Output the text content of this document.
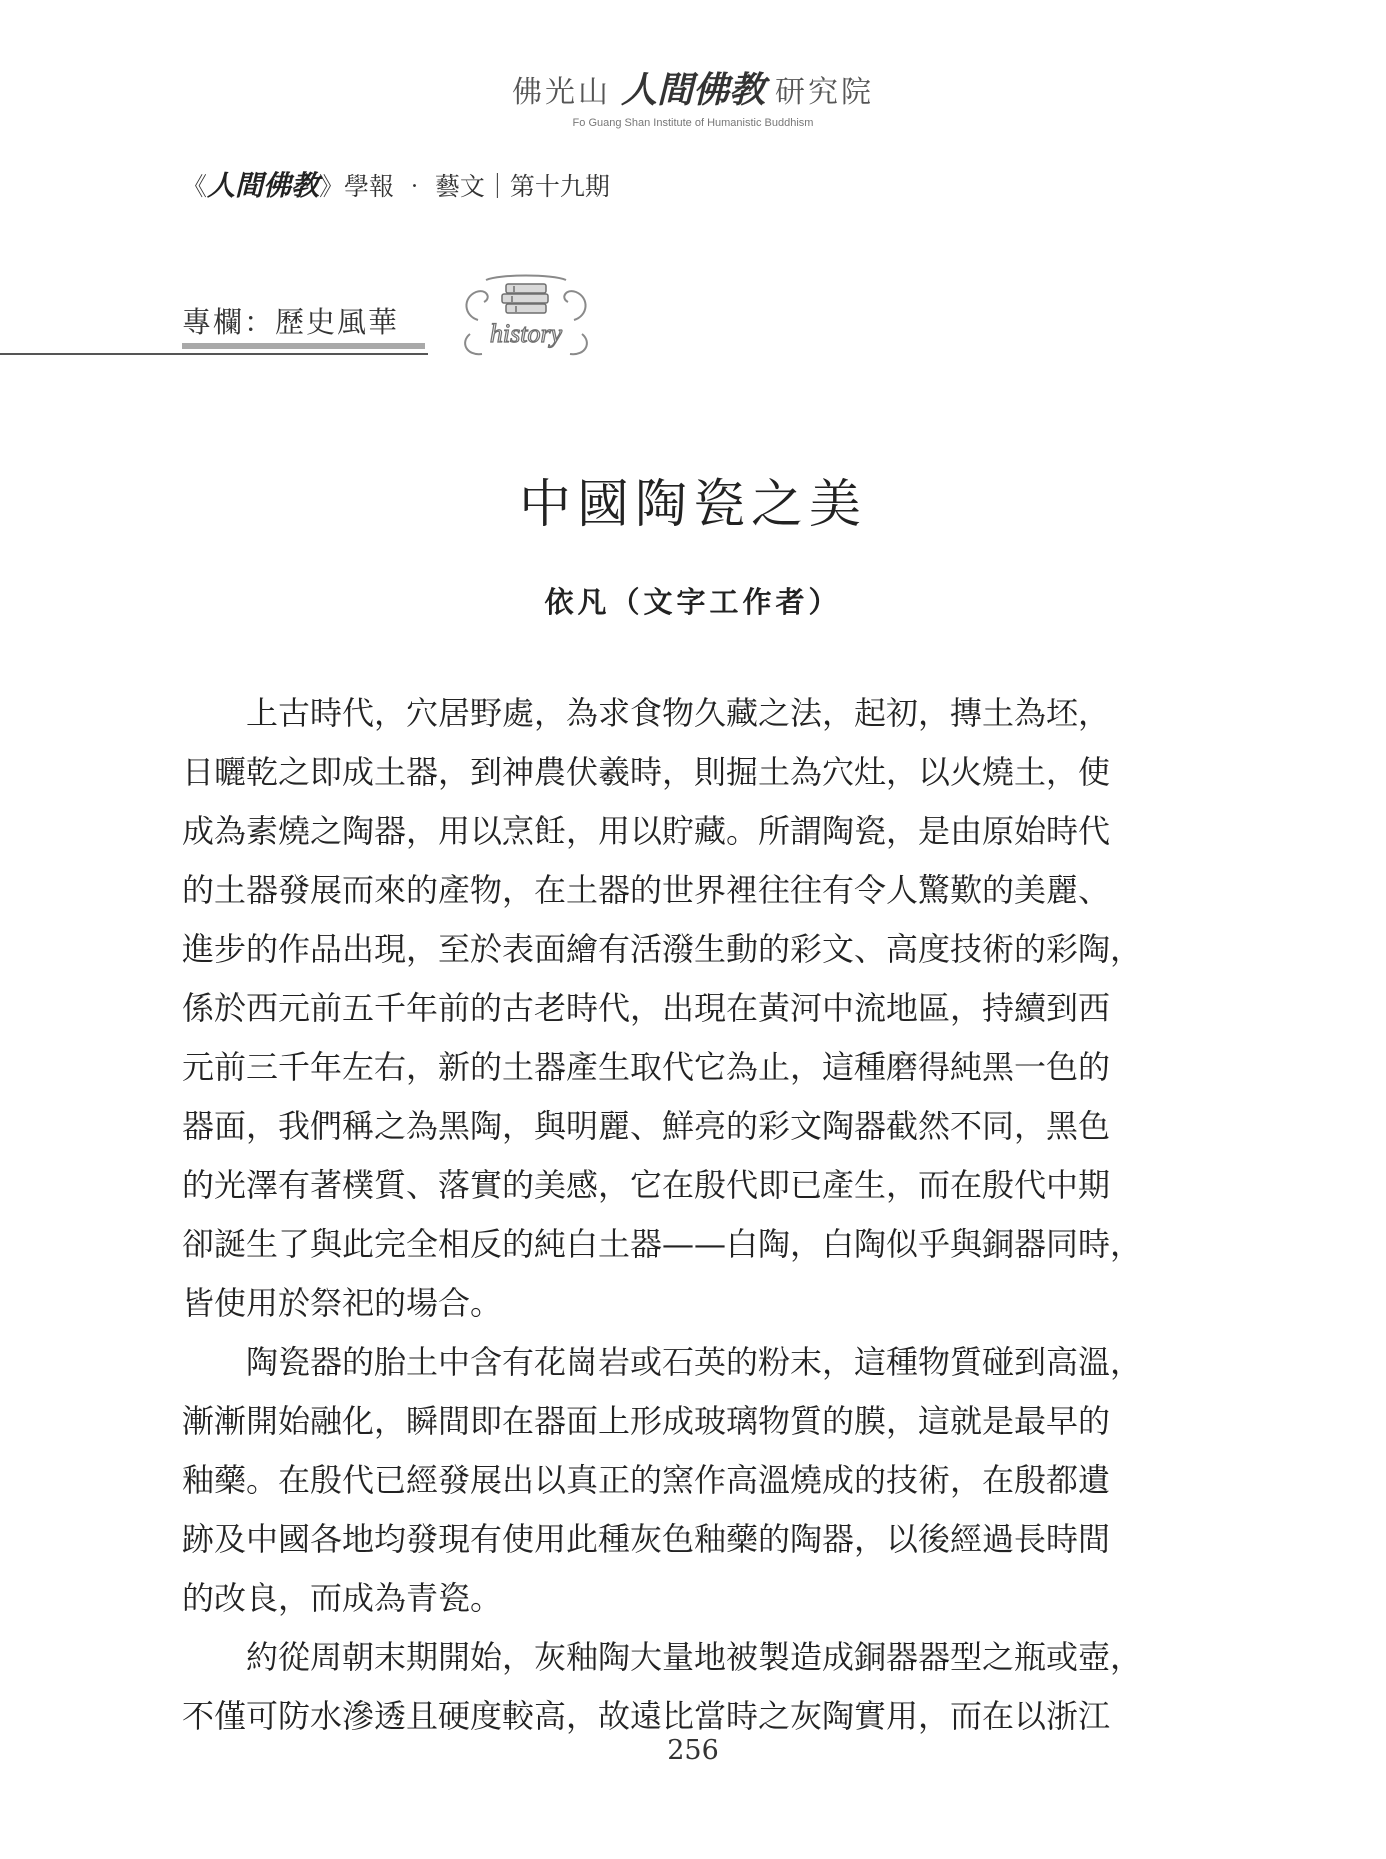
佛光山 人間佛教 研究院
Fo Guang Shan Institute of Humanistic Buddhism
《人間佛教》學報 ‧ 藝文｜第十九期
專欄：歷史風華	history
中國陶瓷之美
依凡（文字工作者）
上古時代，穴居野處，為求食物久藏之法，起初，摶土為坯，
日曬乾之即成土器，到神農伏羲時，則掘土為穴灶，以火燒土，使
成為素燒之陶器，用以烹飪，用以貯藏。所謂陶瓷，是由原始時代
的土器發展而來的產物，在土器的世界裡往往有令人驚歎的美麗、
進步的作品出現，至於表面繪有活潑生動的彩文、高度技術的彩陶，
係於西元前五千年前的古老時代，出現在黃河中流地區，持續到西
元前三千年左右，新的土器產生取代它為止，這種磨得純黑一色的
器面，我們稱之為黑陶，與明麗、鮮亮的彩文陶器截然不同，黑色
的光澤有著樸質、落實的美感，它在殷代即已產生，而在殷代中期
卻誕生了與此完全相反的純白土器——白陶，白陶似乎與銅器同時，
皆使用於祭祀的場合。
陶瓷器的胎土中含有花崗岩或石英的粉末，這種物質碰到高溫，
漸漸開始融化，瞬間即在器面上形成玻璃物質的膜，這就是最早的
釉藥。在殷代已經發展出以真正的窯作高溫燒成的技術，在殷都遺
跡及中國各地均發現有使用此種灰色釉藥的陶器，以後經過長時間
的改良，而成為青瓷。
約從周朝末期開始，灰釉陶大量地被製造成銅器器型之瓶或壺，
不僅可防水滲透且硬度較高，故遠比當時之灰陶實用，而在以浙江
256
